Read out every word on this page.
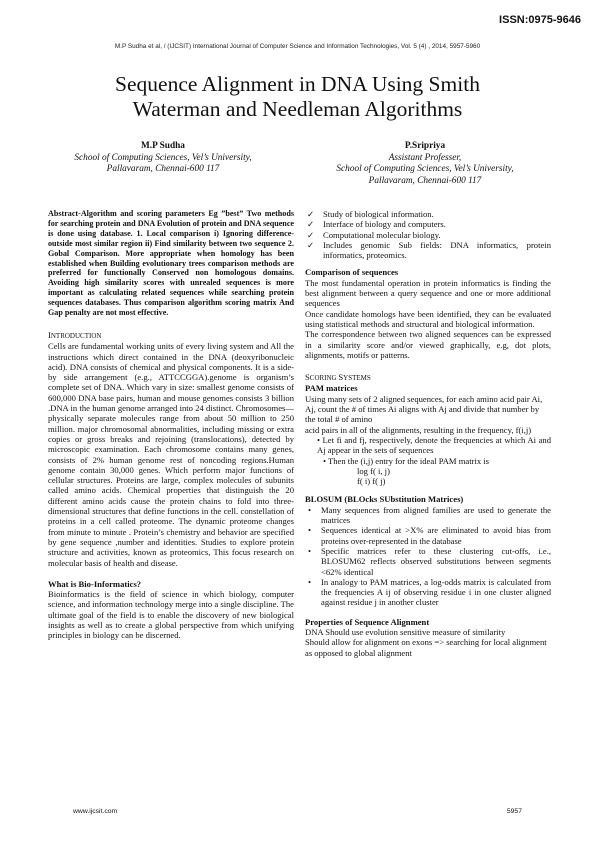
ISSN:0975-9646
M.P Sudha et al, / (IJCSIT) International Journal of Computer Science and Information Technologies, Vol. 5 (4) , 2014, 5957-5960
Sequence Alignment in DNA Using Smith
Waterman and Needleman Algorithms
M.P Sudha
School of Computing Sciences, Vel’s University,
Pallavaram, Chennai-600 117
P.Sripriya
Assistant Professer,
School of Computing Sciences, Vel’s University,
Pallavaram, Chennai-600 117

Abstract-Algorithm and scoring parameters Eg ”best” Two methods for searching protein and DNA Evolution of protein and DNA sequence is done using database. 1. Local comparison i) Ignoring difference-outside most similar region ii) Find similarity between two sequence 2. Gobal Comparison. More appropriate when homology has been established when Building evolutionary trees comparison methods are preferred for functionally Conserved non homologous domains. Avoiding high similarity scores with unrealed sequences is more important as calculating related sequences while searching protein sequences databases. Thus comparison algorithm scoring matrix And Gap penalty are not most effective.

INTRODUCTION

Cells are fundamental working units of every living system and All the instructions which direct contained in the DNA (deoxyribonucleic acid). DNA consists of chemical and physical components. It is a side-by side arrangement (e.g., ATTCCGGA).genome is organism’s complete set of DNA. Which vary in size: smallest genome consists of 600,000 DNA base pairs, human and mouse genomes consists 3 billion .DNA in the human genome arranged into 24 distinct. Chromosomes—physically separate molecules range from about 50 million to 250 million. major chromosomal abnormalities, including missing or extra copies or gross breaks and rejoining (translocations), detected by microscopic examination. Each chromosome contains many genes, consists of 2% human genome rest of noncoding regions.Human genome contain 30,000 genes. Which perform major functions of cellular structures. Proteins are large, complex molecules of subunits called amino acids. Chemical properties that distinguish the 20 different amino acids cause the protein chains to fold into three-dimensional structures that define functions in the cell. constellation of proteins in a cell called proteome. The dynamic proteome changes from minute to minute . Protein’s chemistry and behavior are specified by gene sequence ,number and identities. Studies to explore protein structure and activities, known as proteomics, This focus research on molecular basis of health and disease.

What is Bio-Informatics?

Bioinformatics is the field of science in which biology, computer science, and information technology merge into a single discipline. The ultimate goal of the field is to enable the discovery of new biological insights as well as to create a global perspective from which unifying principles in biology can be discerned.

✓ Study of biological information.
✓ Interface of biology and computers.
✓ Computational molecular biology.
✓ Includes genomic Sub fields: DNA informatics, protein informatics, proteomics.

Comparison of sequences

The most fundamental operation in protein informatics is finding the best alignment between a query sequence and one or more additional sequences

Once candidate homologs have been identified, they can be evaluated using statistical methods and structural and biological information.

The correspondence between two aligned sequences can be expressed in a similarity score and/or viewed graphically, e.g, dot plots, alignments, motifs or patterns.

SCORING SYSTEMS

PAM matrices

Using many sets of 2 aligned sequences, for each amino acid pair Ai, Aj, count the # of times Ai aligns with Aj and divide that number by the total # of amino

acid pairs in all of the alignments, resulting in the frequency, f(i,j)

• Let fi and fj, respectively, denote the frequencies at which Ai and Aj appear in the sets of sequences

• Then the (i,j) entry for the ideal PAM matrix is

log f( i, j)

f( i) f( j)

BLOSUM (BLOcks SUbstitution Matrices)

• Many sequences from aligned families are used to generate the matrices
• Sequences identical at >X% are eliminated to avoid bias from proteins over-represented in the database
• Specific matrices refer to these clustering cut-offs, i.e., BLOSUM62 reflects observed substitutions between segments <62% identical
• In analogy to PAM matrices, a log-odds matrix is calculated from the frequencies A ij of observing residue i in one cluster aligned against residue j in another cluster

Properties of Sequence Alignment

DNA Should use evolution sensitive measure of similarity

Should allow for alignment on exons => searching for local alignment as opposed to global alignment

www.ijcsit.com	5957
